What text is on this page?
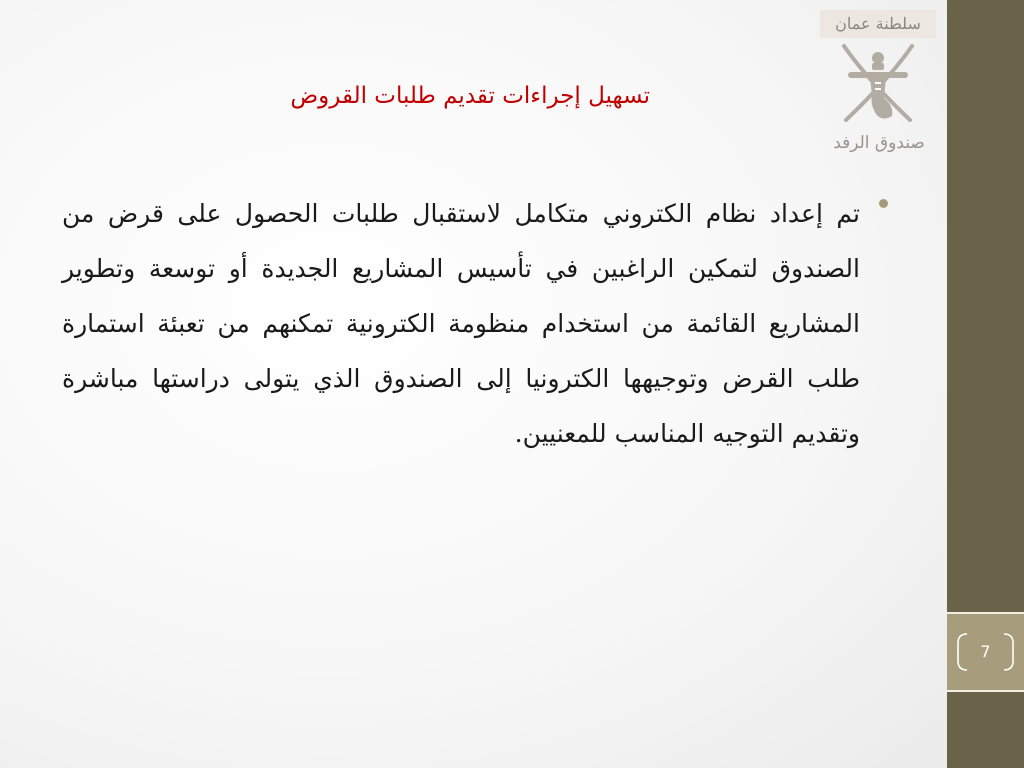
سلطنة عمان
صندوق الرفد
تسهيل إجراءات تقديم طلبات القروض

تم إعداد نظام الكتروني متكامل لاستقبال طلبات الحصول على قرض من الصندوق لتمكين الراغبين في تأسيس المشاريع الجديدة أو توسعة وتطوير المشاريع القائمة من استخدام منظومة الكترونية تمكنهم من تعبئة استمارة طلب القرض وتوجيهها الكترونيا إلى الصندوق الذي يتولى دراستها مباشرة وتقديم التوجيه المناسب للمعنيين.

7
